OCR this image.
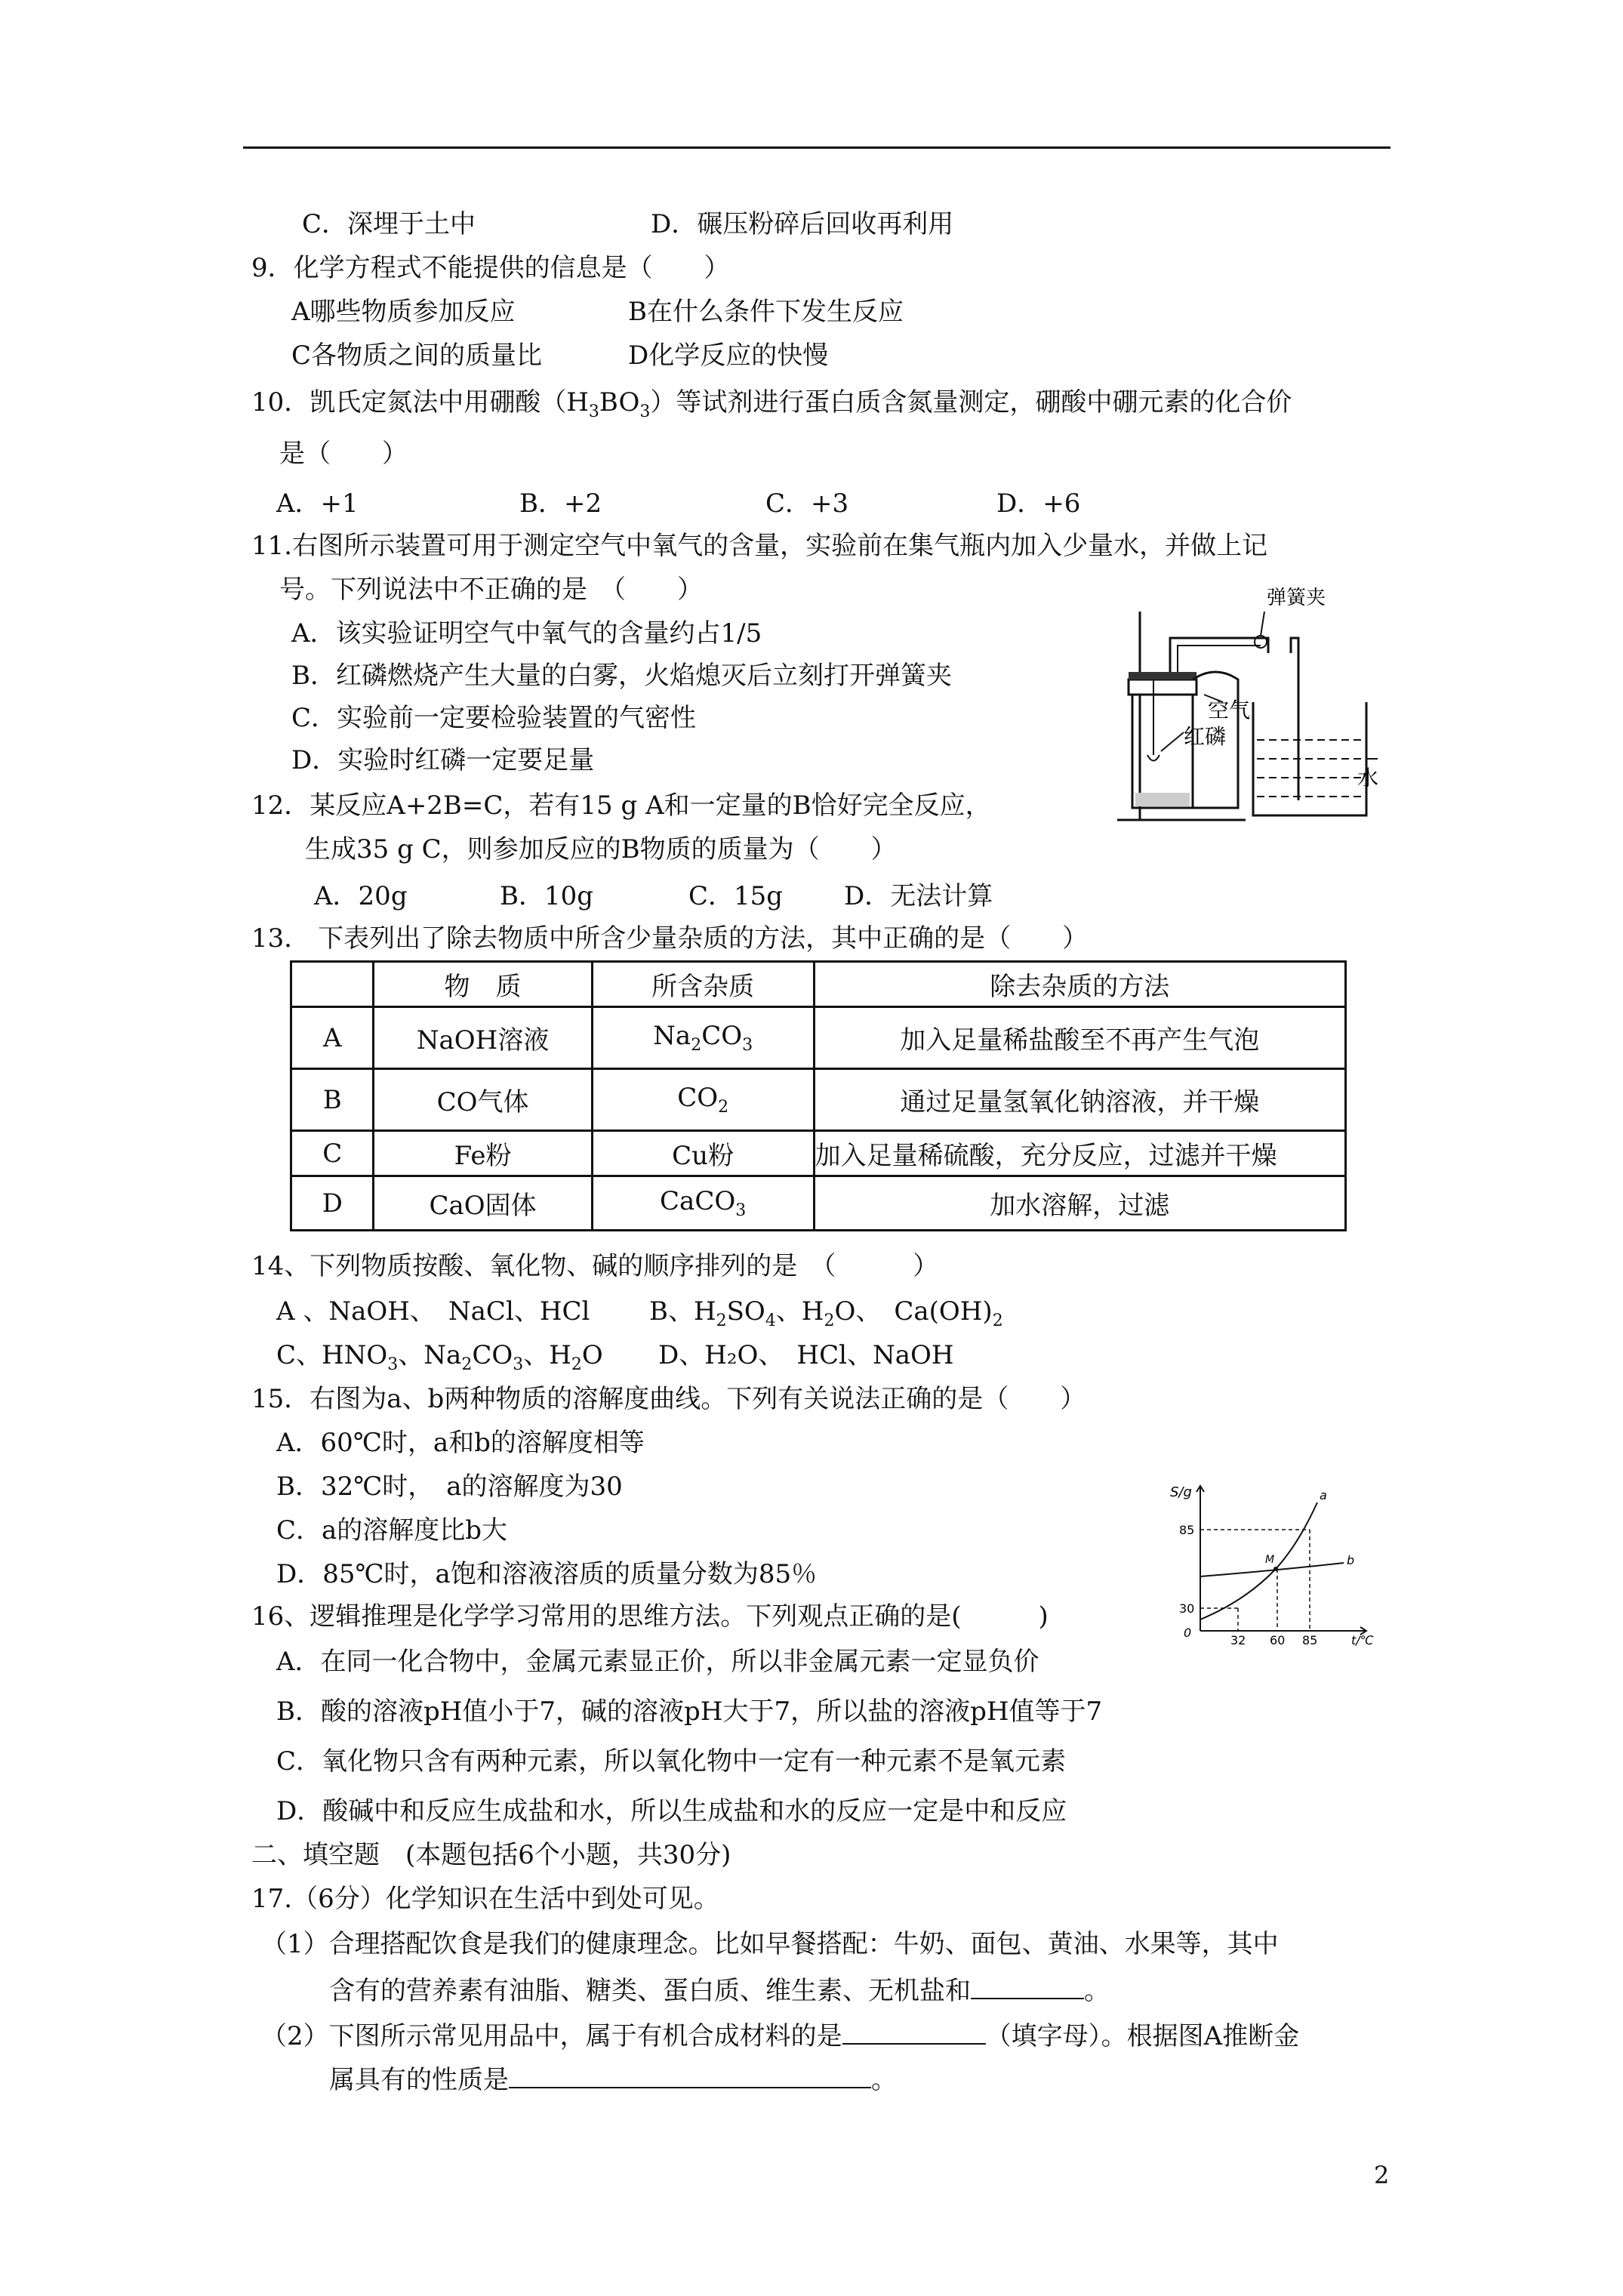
C．深埋于土中	D．碾压粉碎后回收再利用
9．化学方程式不能提供的信息是（　　）
A哪些物质参加反应	B在什么条件下发生反应
C各物质之间的质量比	D化学反应的快慢
10．凯氏定氮法中用硼酸$(H_3BO_3)$等试剂进行蛋白质含氮量测定，硼酸中硼元素的化合价
是（　　）
A．+1	B．+2	C．+3	D．+6
11.右图所示装置可用于测定空气中氧气的含量，实验前在集气瓶内加入少量水，并做上记
号。下列说法中不正确的是　（　　）
A．该实验证明空气中氧气的含量约占1/5
B．红磷燃烧产生大量的白雾，火焰熄灭后立刻打开弹簧夹
C．实验前一定要检验装置的气密性
D．实验时红磷一定要足量
弹簧夹
空气
红磷
水
12．某反应A+2B=C，若有15 g A和一定量的B恰好完全反应，
生成35 g C，则参加反应的B物质的质量为（　　）
A．20g	B．10g	C．15g D．无法计算
13． 下表列出了除去物质中所含少量杂质的方法，其中正确的是（　　）
	物　质	所含杂质	除去杂质的方法
A	NaOH溶液	$Na_2CO_3$	加入足量稀盐酸至不再产生气泡
B	CO气体	$CO_2$	通过足量氢氧化钠溶液，并干燥
C	Fe粉	Cu粉	加入足量稀硫酸，充分反应，过滤并干燥
D	CaO固体	CaCO$_3$	加水溶解，过滤
14、下列物质按酸、氧化物、碱的顺序排列的是　（　　　）
A 、NaOH、　NaCl、HCl B、$H_2SO_4$、$H_2O$、　$Ca(OH)_2$
C、$HNO_3$、$Na_2CO_3$、$H_2O$ D、H₂O、　HCl、NaOH
15．右图为a、b两种物质的溶解度曲线。下列有关说法正确的是（　　）
A．60℃时，a和b的溶解度相等
B．32℃时，　a的溶解度为30
C．a的溶解度比b大
D．85℃时，a饱和溶液溶质的质量分数为85％
S/g
t/℃
0
85
30
32 60 85
a
b
M
16、逻辑推理是化学学习常用的思维方法。下列观点正确的是(　　　)
A．在同一化合物中，金属元素显正价，所以非金属元素一定显负价
B．酸的溶液pH值小于7，碱的溶液pH大于7，所以盐的溶液pH值等于7
C．氧化物只含有两种元素，所以氧化物中一定有一种元素不是氧元素
D．酸碱中和反应生成盐和水，所以生成盐和水的反应一定是中和反应
二、填空题　(本题包括6个小题，共30分)
17.（6分）化学知识在生活中到处可见。
（1）合理搭配饮食是我们的健康理念。比如早餐搭配：牛奶、面包、黄油、水果等，其中
含有的营养素有油脂、糖类、蛋白质、维生素、无机盐和	。
（2）下图所示常见用品中，属于有机合成材料的是	（填字母）。根据图A推断金
属具有的性质是	。
2
